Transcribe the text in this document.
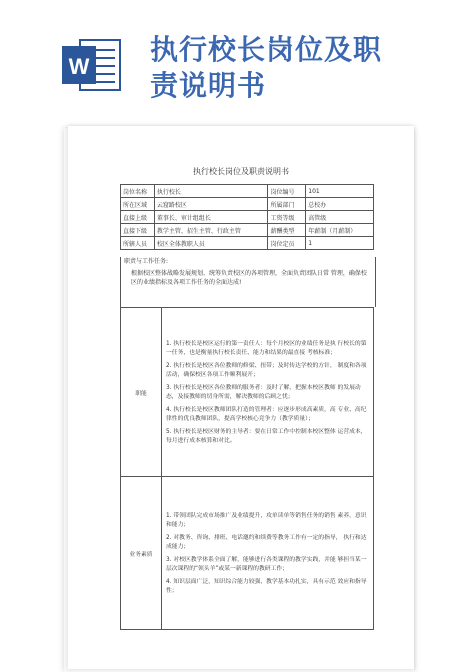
W
执行校长岗位及职
责说明书
执行校长岗位及职责说明书
岗位名称	执行校长	岗位编号	101
所在区域	云窟路校区	所属部门	总校办
直接上级	董事长、审计组组长	工资等级	高管级
直接下级	教学主管、招生主管、行政主管	薪酬类型	年薪制（月薪制）
所辖人员	校区全体教职人员	岗位定员	1
职责与工作任务:
根据校区整体战略发展规划、统筹负责校区的各项管理，全面负责团队日常 管理，确保校区的业绩指标及各项工作任务的全面达成!
职能	1. 执行校长是校区运行的第一责任人：每个月校区的业绩任务是执 行校长的第一任务，也是衡量执行校长责任、能力和结果的最直接 考核标准；
2. 执行校长是校区各位教师的修梁、扭带；及时传达学校的方针， 制度和各项活动，确保校区各项工作顺利展开；
3. 执行校长是校区各位教师的服务者：及时了解，把握本校区教师 的发展动态，及接教师的切身所需，解决教师的后顾之忧；
4. 执行校长是校区教师团队打造的管理者：应逐步形成高素质，高 专业、高纪律性的优良教师团队，提高学校核心竞争力（教学质量）；
5. 执行校长是校区财务的主导者：要在日常工作中控制本校区整体 运营成本，每月进行成本核算和对比。

业务素质	1. 带领团队完成市场推广及业绩提升，攻单读单等销售任务的销售 素养，意识和能力；
2. 对教务、咨询、排班、电话邀约和续费等教务工作有一定的指导， 执行和达成能力；
3. 对校区教学体系全面了解，能够进行各类课程的教学实践，并能 够担当某一层次课程的“领头羊”或某一新课程的教研工作；
4. 知识层面广泛，知识综合能力较强，教学基本功扎实，具有示范 效应和指导性；
